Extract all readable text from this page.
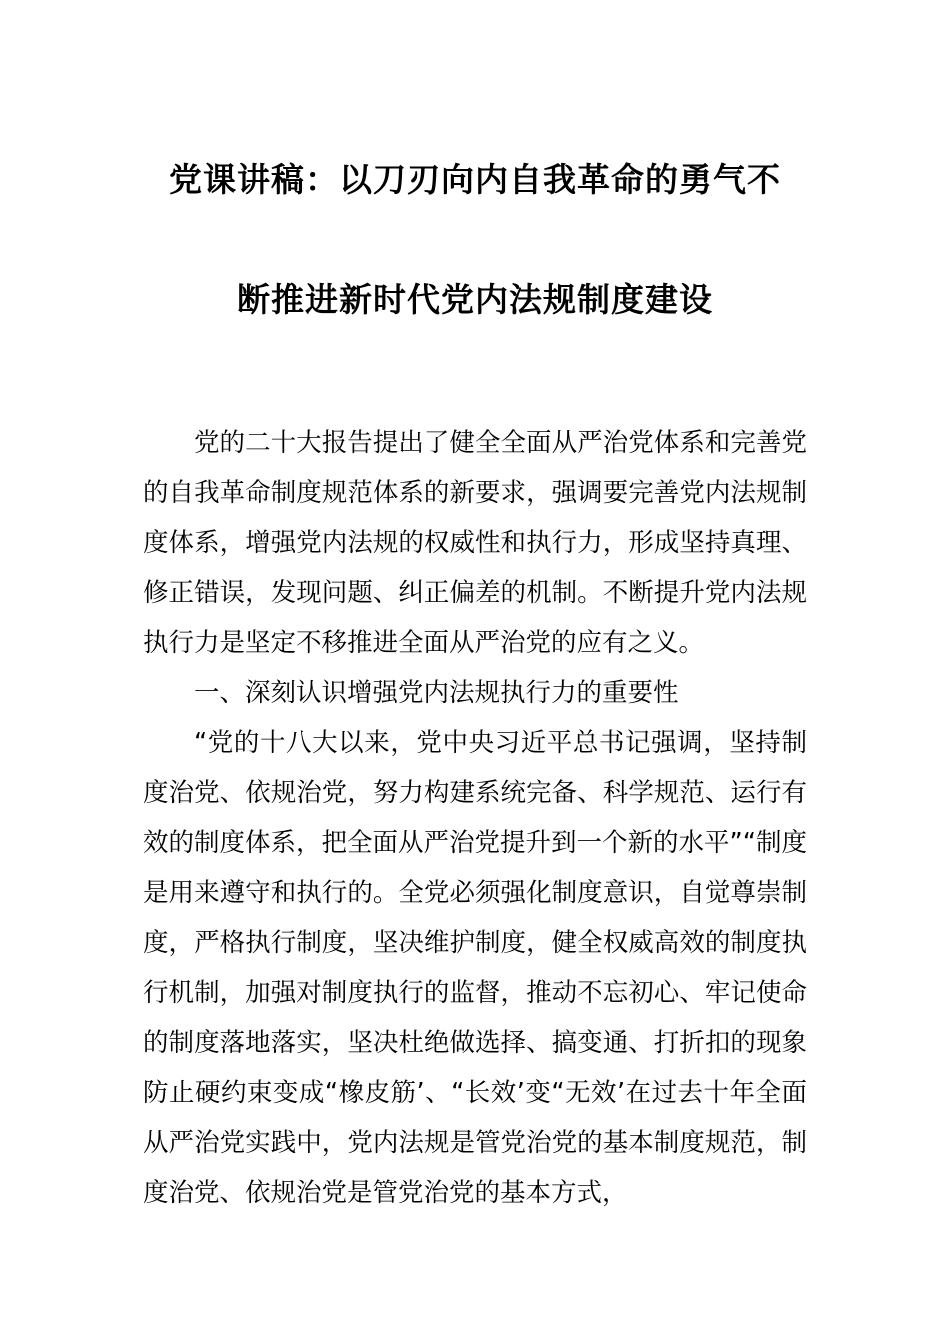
党课讲稿：以刀刃向内自我革命的勇气不
断推进新时代党内法规制度建设

党的二十大报告提出了健全全面从严治党体系和完善党的自我革命制度规范体系的新要求，强调要完善党内法规制度体系，增强党内法规的权威性和执行力，形成坚持真理、修正错误，发现问题、纠正偏差的机制。不断提升党内法规执行力是坚定不移推进全面从严治党的应有之义。

一、深刻认识增强党内法规执行力的重要性

“党的十八大以来，党中央习近平总书记强调，坚持制度治党、依规治党，努力构建系统完备、科学规范、运行有效的制度体系，把全面从严治党提升到一个新的水平”“制度是用来遵守和执行的。全党必须强化制度意识，自觉尊崇制度，严格执行制度，坚决维护制度，健全权威高效的制度执行机制，加强对制度执行的监督，推动不忘初心、牢记使命的制度落地落实，坚决杜绝做选择、搞变通、打折扣的现象防止硬约束变成“橡皮筋’、“长效’变“无效’在过去十年全面从严治党实践中，党内法规是管党治党的基本制度规范，制度治党、依规治党是管党治党的基本方式，
